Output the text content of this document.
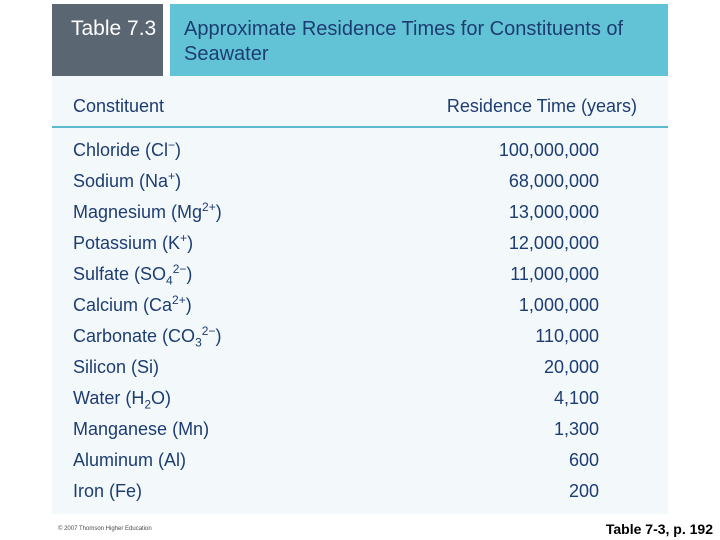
Table 7.3	Approximate Residence Times for Constituents of Seawater
Constituent	Residence Time (years)
Chloride (Cl−)	100,000,000
Sodium (Na+)	68,000,000
Magnesium $(Mg^{2+})$	13,000,000
Potassium (K+)	12,000,000
Sulfate $(SO_4^{2-})$	11,000,000
Calcium $(Ca^{2+})$	1,000,000
Carbonate $(CO_3^{2-})$	110,000
Silicon (Si)	20,000
Water $(H_2O)$	4,100
Manganese (Mn)	1,300
Aluminum (Al)	600
Iron (Fe)	200
© 2007 Thomson Higher Education	Table 7-3, p. 192
